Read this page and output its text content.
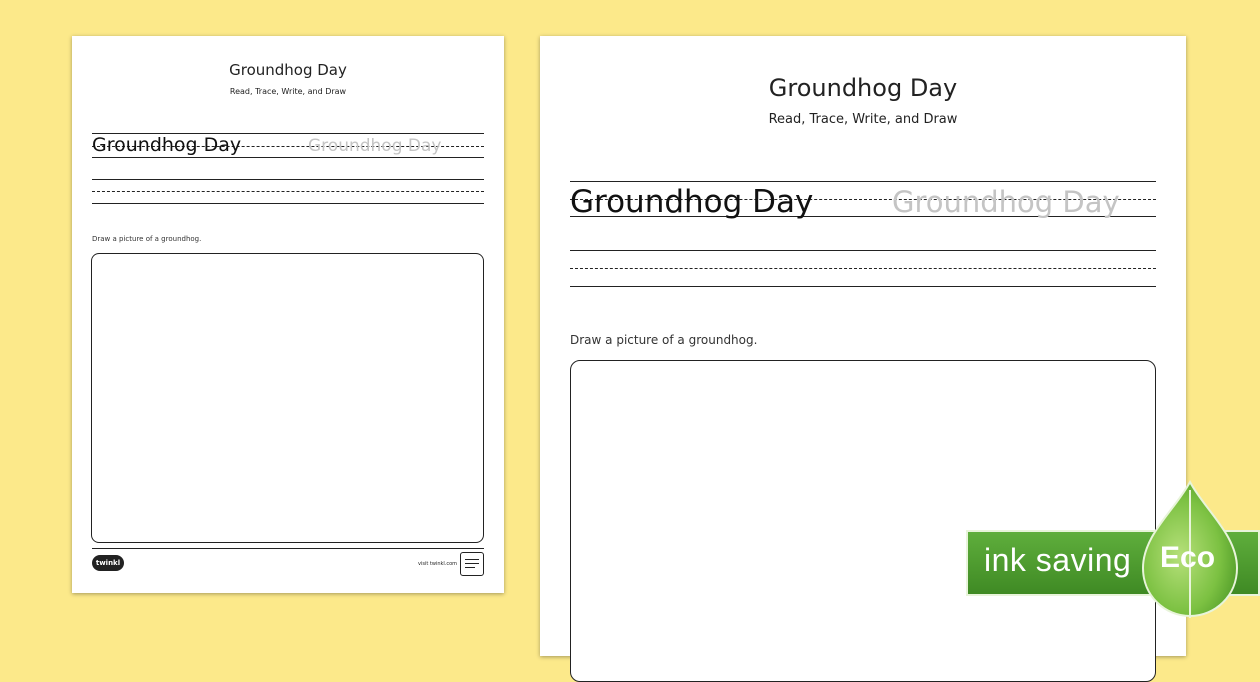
Groundhog Day
Read, Trace, Write, and Draw
Groundhog Day	Groundhog Day
Draw a picture of a groundhog.
twinkl	visit twinkl.com
Groundhog Day
Read, Trace, Write, and Draw
Groundhog Day	Groundhog Day
Draw a picture of a groundhog.
ink saving Eco
